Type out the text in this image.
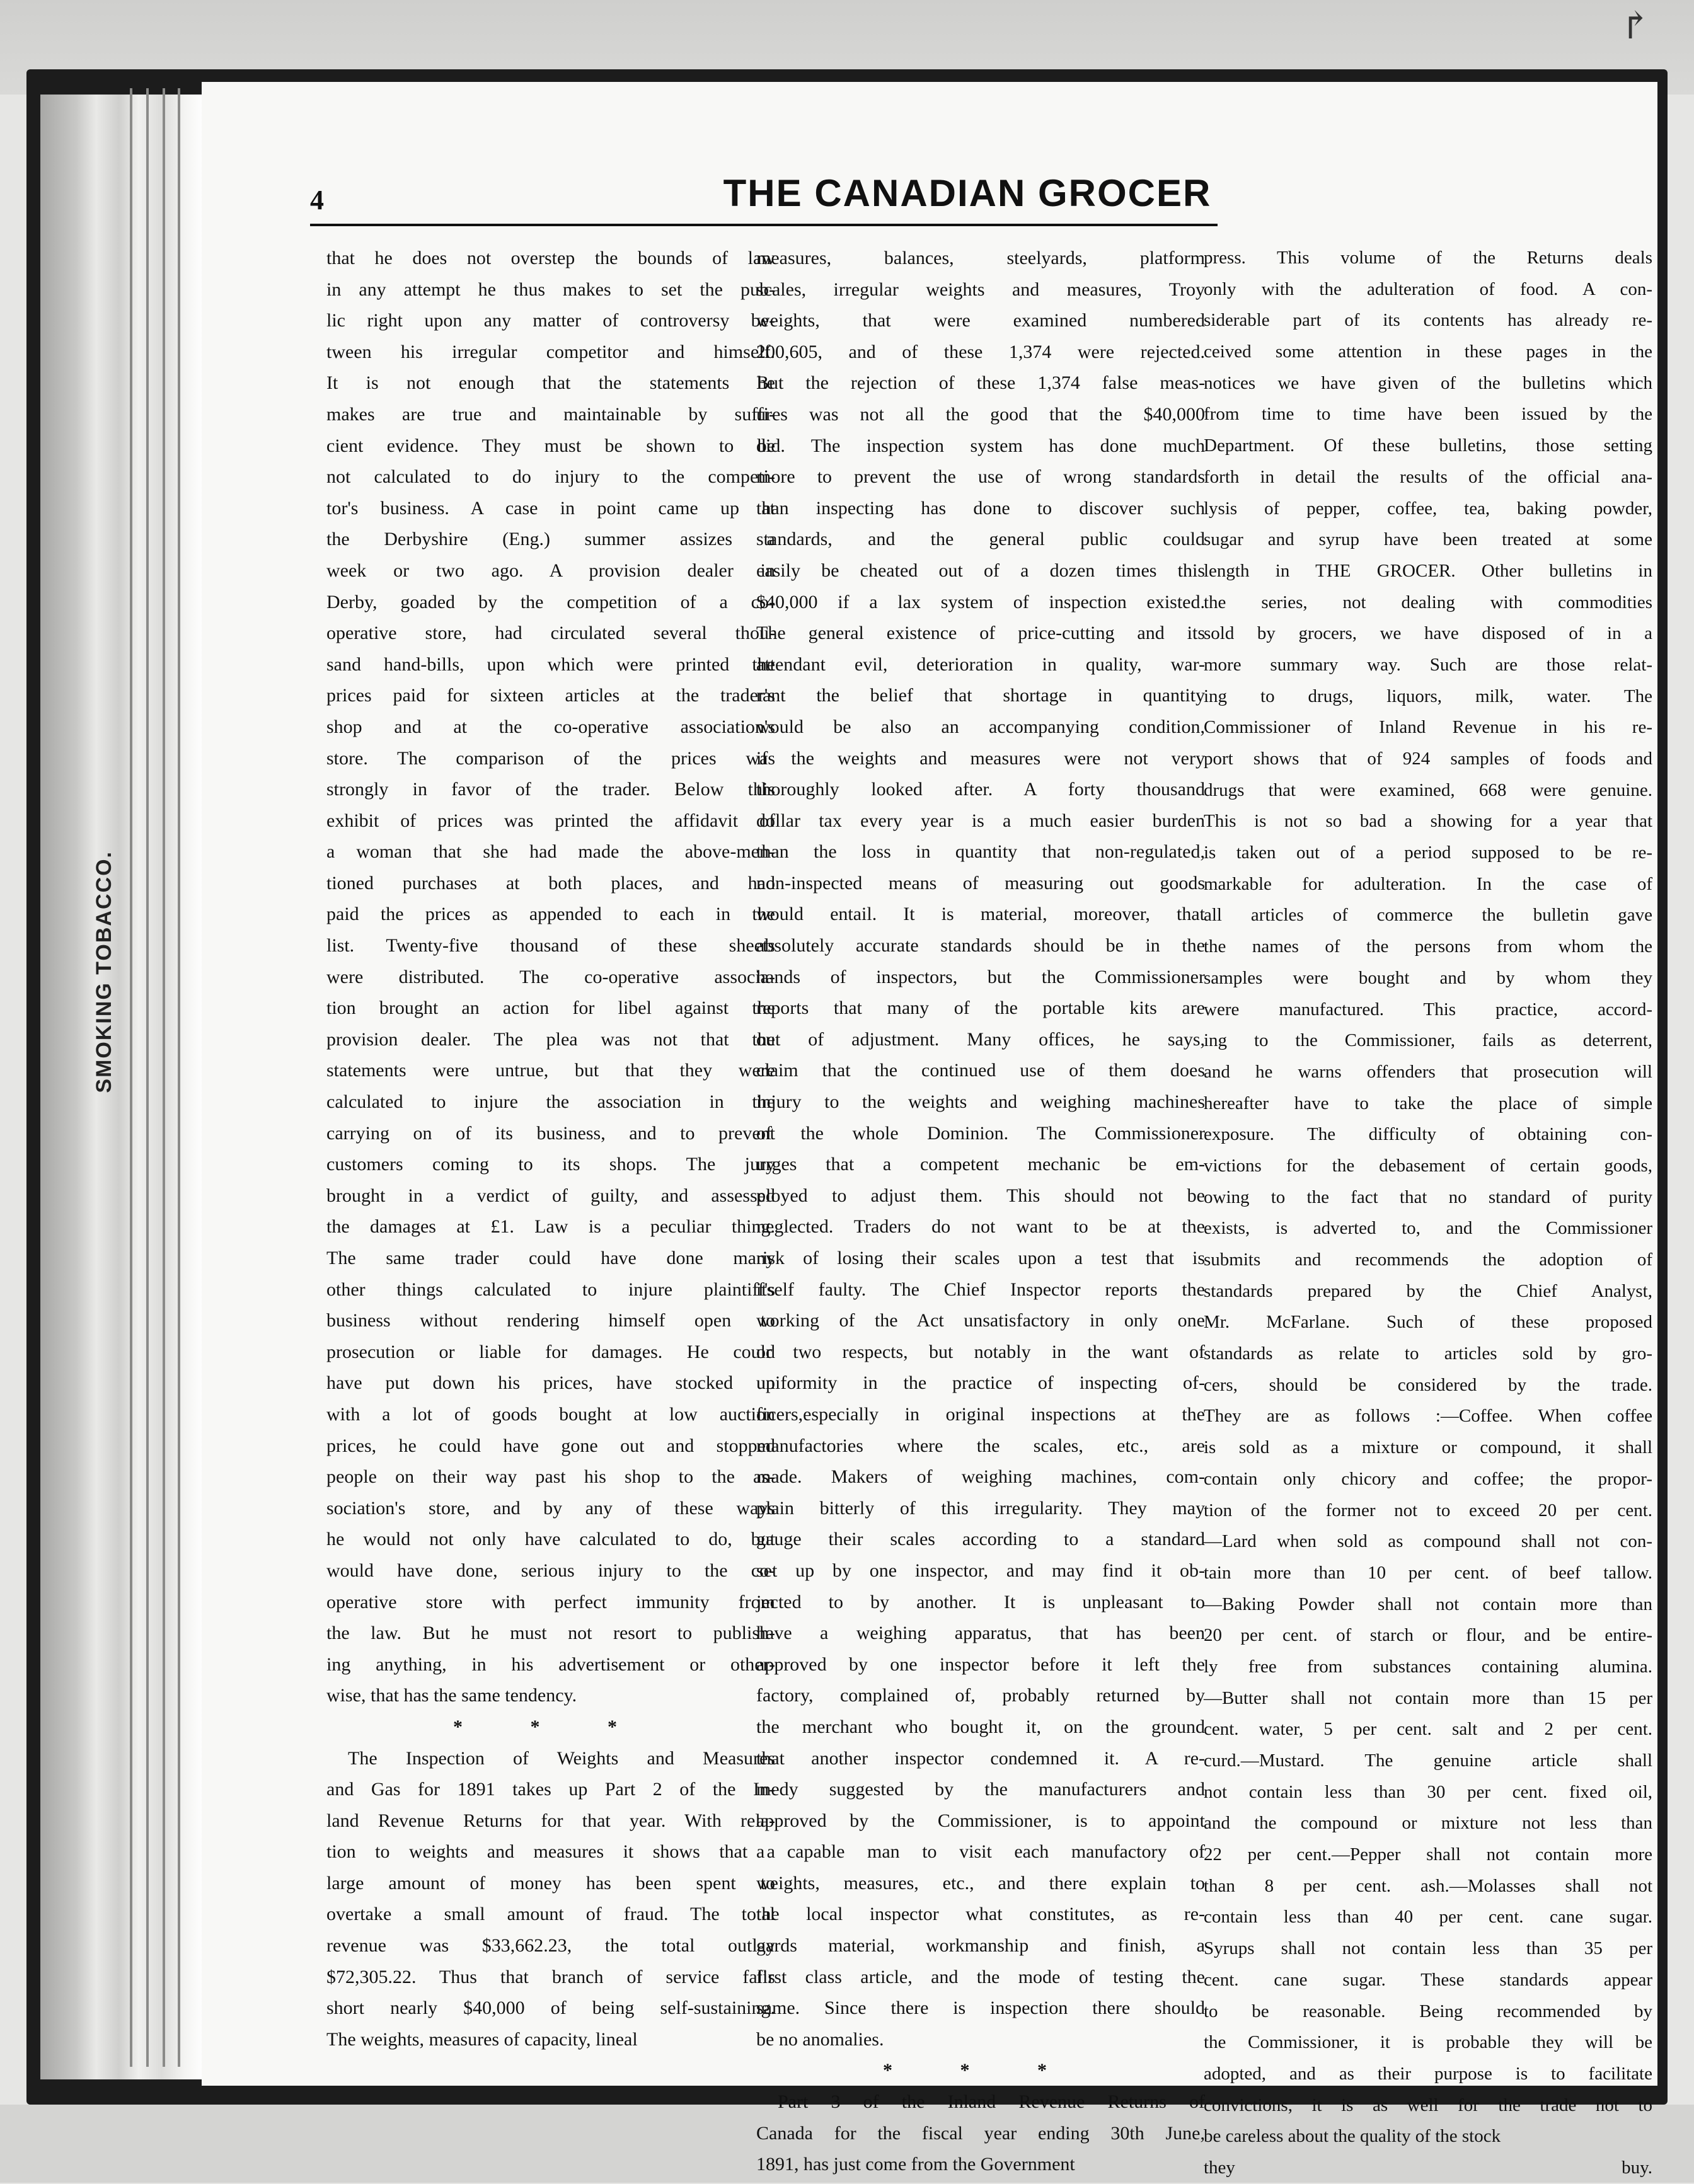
↱
SMOKING TOBACCO.
4	THE CANADIAN GROCER
that he does not overstep the bounds of law
in any attempt he thus makes to set the pub-
lic right upon any matter of controversy be-
tween his irregular competitor and himself.
It is not enough that the statements he
makes are true and maintainable by suffi-
cient evidence. They must be shown to be
not calculated to do injury to the competi-
tor's business. A case in point came up at
the Derbyshire (Eng.) summer assizes a
week or two ago. A provision dealer in
Derby, goaded by the competition of a co-
operative store, had circulated several thou-
sand hand-bills, upon which were printed the
prices paid for sixteen articles at the trader's
shop and at the co-operative association's
store. The comparison of the prices was
strongly in favor of the trader. Below this
exhibit of prices was printed the affidavit of
a woman that she had made the above-men-
tioned purchases at both places, and had
paid the prices as appended to each in the
list. Twenty-five thousand of these sheets
were distributed. The co-operative associa-
tion brought an action for libel against the
provision dealer. The plea was not that the
statements were untrue, but that they were
calculated to injure the association in the
carrying on of its business, and to prevent
customers coming to its shops. The jury
brought in a verdict of guilty, and assessed
the damages at £1. Law is a peculiar thing.
The same trader could have done many
other things calculated to injure plaintiff's
business without rendering himself open to
prosecution or liable for damages. He could
have put down his prices, have stocked up
with a lot of goods bought at low auction
prices, he could have gone out and stopped
people on their way past his shop to the as-
sociation's store, and by any of these ways
he would not only have calculated to do, but
would have done, serious injury to the co-
operative store with perfect immunity from
the law. But he must not resort to publish-
ing anything, in his advertisement or other-
wise, that has the same tendency.
* * *
The Inspection of Weights and Measures
and Gas for 1891 takes up Part 2 of the In-
land Revenue Returns for that year. With rela-
tion to weights and measures it shows that a
large amount of money has been spent to
overtake a small amount of fraud. The total
revenue was $33,662.23, the total outlay
$72,305.22. Thus that branch of service falls
short nearly $40,000 of being self-sustaining.
The weights, measures of capacity, lineal
measures, balances, steelyards, platform
scales, irregular weights and measures, Troy
weights, that were examined numbered
200,605, and of these 1,374 were rejected.
But the rejection of these 1,374 false meas-
ures was not all the good that the $40,000
did. The inspection system has done much
more to prevent the use of wrong standards
than inspecting has done to discover such
standards, and the general public could
easily be cheated out of a dozen times this
$40,000 if a lax system of inspection existed.
The general existence of price-cutting and its
attendant evil, deterioration in quality, war-
rant the belief that shortage in quantity
would be also an accompanying condition,
if the weights and measures were not very
thoroughly looked after. A forty thousand
dollar tax every year is a much easier burden
than the loss in quantity that non-regulated,
non-inspected means of measuring out goods
would entail. It is material, moreover, that
absolutely accurate standards should be in the
hands of inspectors, but the Commissioner
reports that many of the portable kits are
out of adjustment. Many offices, he says,
claim that the continued use of them does
injury to the weights and weighing machines
of the whole Dominion. The Commissioner
urges that a competent mechanic be em-
ployed to adjust them. This should not be
neglected. Traders do not want to be at the
risk of losing their scales upon a test that is
itself faulty. The Chief Inspector reports the
working of the Act unsatisfactory in only one
or two respects, but notably in the want of
uniformity in the practice of inspecting of-
ficers,especially in original inspections at the
manufactories where the scales, etc., are
made. Makers of weighing machines, com-
plain bitterly of this irregularity. They may
gauge their scales according to a standard
set up by one inspector, and may find it ob-
jected to by another. It is unpleasant to
have a weighing apparatus, that has been
approved by one inspector before it left the
factory, complained of, probably returned by
the merchant who bought it, on the ground
that another inspector condemned it. A re-
medy suggested by the manufacturers and
approved by the Commissioner, is to appoint
a capable man to visit each manufactory of
weights, measures, etc., and there explain to
the local inspector what constitutes, as re-
gards material, workmanship and finish, a
first class article, and the mode of testing the
same. Since there is inspection there should
be no anomalies.
* * *
Part 3 of the Inland Revenue Returns of
Canada for the fiscal year ending 30th June,
1891, has just come from the Government
press. This volume of the Returns deals
only with the adulteration of food. A con-
siderable part of its contents has already re-
ceived some attention in these pages in the
notices we have given of the bulletins which
from time to time have been issued by the
Department. Of these bulletins, those setting
forth in detail the results of the official ana-
lysis of pepper, coffee, tea, baking powder,
sugar and syrup have been treated at some
length in THE GROCER. Other bulletins in
the series, not dealing with commodities
sold by grocers, we have disposed of in a
more summary way. Such are those relat-
ing to drugs, liquors, milk, water. The
Commissioner of Inland Revenue in his re-
port shows that of 924 samples of foods and
drugs that were examined, 668 were genuine.
This is not so bad a showing for a year that
is taken out of a period supposed to be re-
markable for adulteration. In the case of
all articles of commerce the bulletin gave
the names of the persons from whom the
samples were bought and by whom they
were manufactured. This practice, accord-
ing to the Commissioner, fails as deterrent,
and he warns offenders that prosecution will
hereafter have to take the place of simple
exposure. The difficulty of obtaining con-
victions for the debasement of certain goods,
owing to the fact that no standard of purity
exists, is adverted to, and the Commissioner
submits and recommends the adoption of
standards prepared by the Chief Analyst,
Mr. McFarlane. Such of these proposed
standards as relate to articles sold by gro-
cers, should be considered by the trade.
They are as follows :—Coffee. When coffee
is sold as a mixture or compound, it shall
contain only chicory and coffee; the propor-
tion of the former not to exceed 20 per cent.
—Lard when sold as compound shall not con-
tain more than 10 per cent. of beef tallow.
—Baking Powder shall not contain more than
20 per cent. of starch or flour, and be entire-
ly free from substances containing alumina.
—Butter shall not contain more than 15 per
cent. water, 5 per cent. salt and 2 per cent.
curd.—Mustard. The genuine article shall
not contain less than 30 per cent. fixed oil,
and the compound or mixture not less than
22 per cent.—Pepper shall not contain more
than 8 per cent. ash.—Molasses shall not
contain less than 40 per cent. cane sugar.
Syrups shall not contain less than 35 per
cent. cane sugar. These standards appear
to be reasonable. Being recommended by
the Commissioner, it is probable they will be
adopted, and as their purpose is to facilitate
convictions, it is as well for the trade not to
be careless about the quality of the stock
they buy.
